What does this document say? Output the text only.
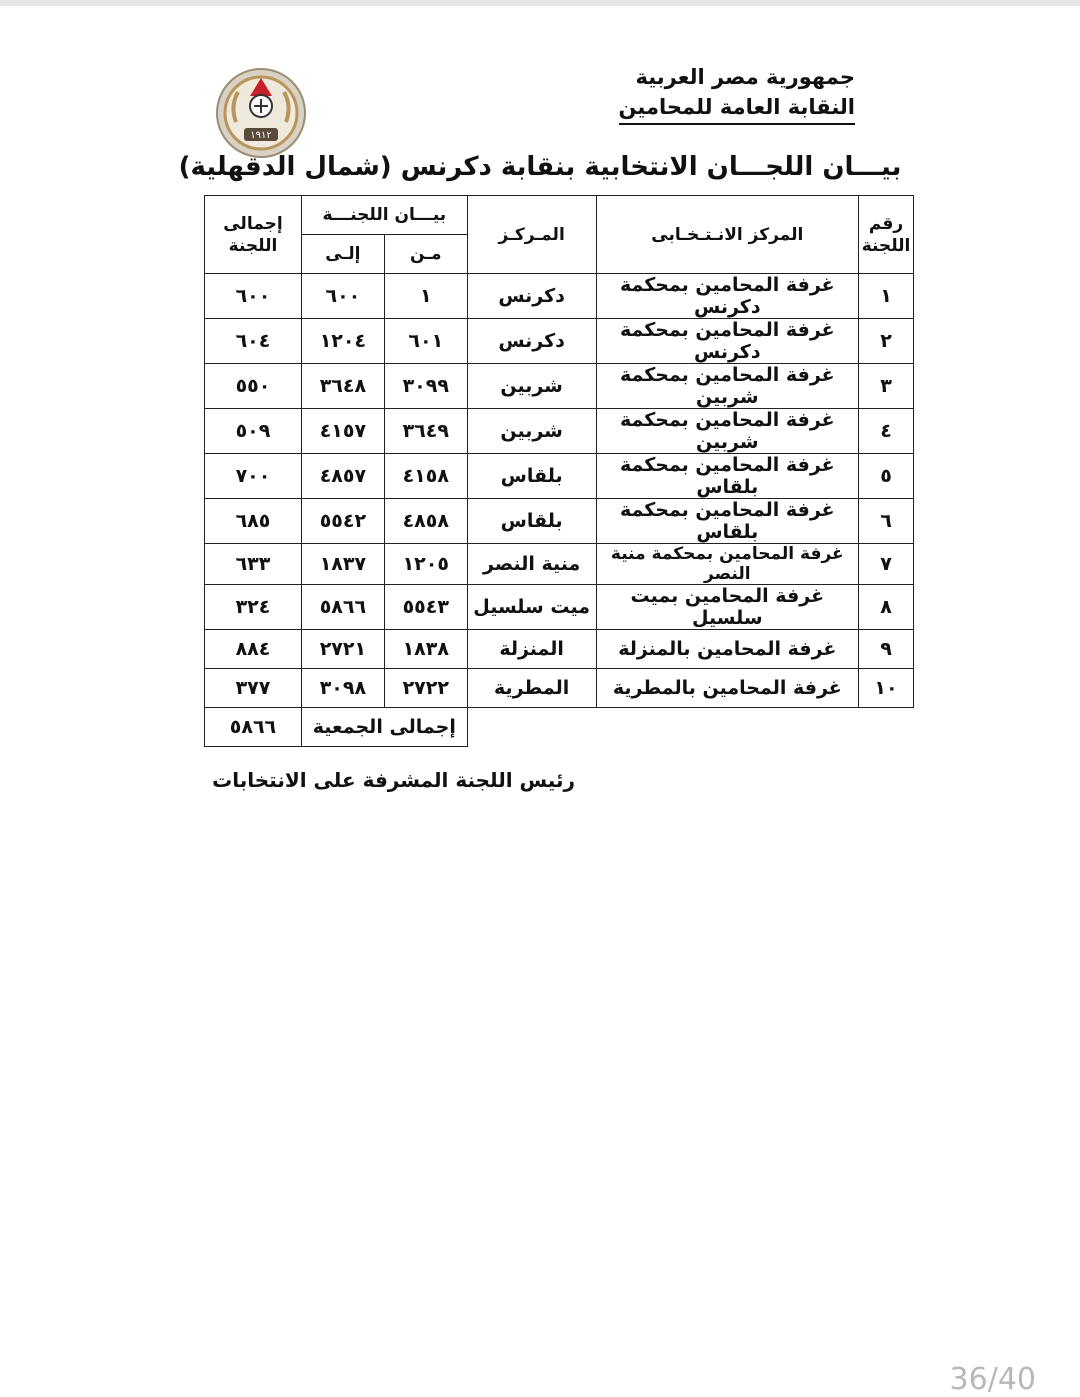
جمهورية مصر العربية
النقابة العامة للمحامين
١٩١٢
بيـــان اللجـــان الانتخابية بنقابة دكرنس (شمال الدقهلية)
رقم اللجنة	المركز الانـتـخـابى	المـركـز	بيـــان اللجنـــة		إجمالى اللجنة
			مـن	إلـى	
١	غرفة المحامين بمحكمة دكرنس	دكرنس	١	٦٠٠	٦٠٠
٢	غرفة المحامين بمحكمة دكرنس	دكرنس	٦٠١	١٢٠٤	٦٠٤
٣	غرفة المحامين بمحكمة شربين	شربين	٣٠٩٩	٣٦٤٨	٥٥٠
٤	غرفة المحامين بمحكمة شربين	شربين	٣٦٤٩	٤١٥٧	٥٠٩
٥	غرفة المحامين بمحكمة بلقاس	بلقاس	٤١٥٨	٤٨٥٧	٧٠٠
٦	غرفة المحامين بمحكمة بلقاس	بلقاس	٤٨٥٨	٥٥٤٢	٦٨٥
٧	غرفة المحامين بمحكمة منية النصر	منية النصر	١٢٠٥	١٨٣٧	٦٣٣
٨	غرفة المحامين بميت سلسيل	ميت سلسيل	٥٥٤٣	٥٨٦٦	٣٢٤
٩	غرفة المحامين بالمنزلة	المنزلة	١٨٣٨	٢٧٢١	٨٨٤
١٠	غرفة المحامين بالمطرية	المطرية	٢٧٢٢	٣٠٩٨	٣٧٧
			إجمالى الجمعية		٥٨٦٦
رئيس اللجنة المشرفة على الانتخابات
36/40
